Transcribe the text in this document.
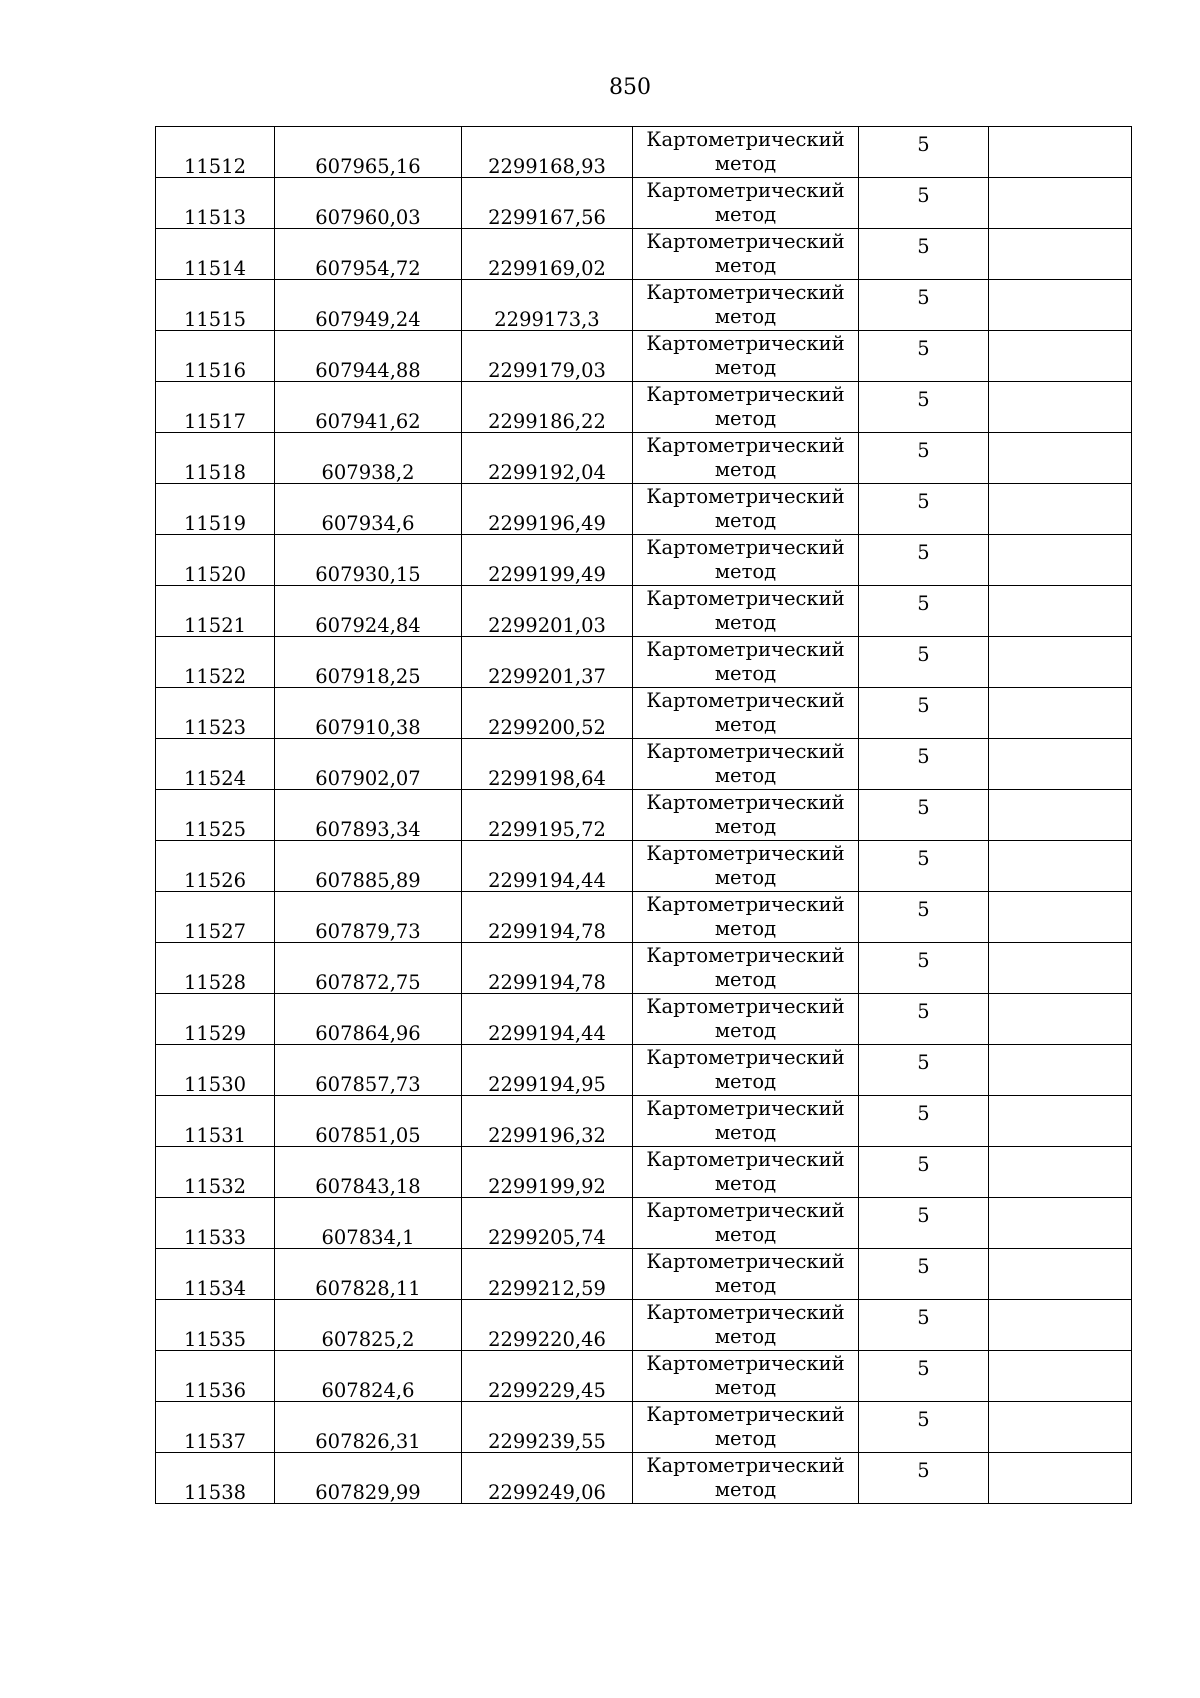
850
11512	607965,16	2299168,93	Картометрический
метод	5	

11513	607960,03	2299167,56	Картометрический
метод	5	

11514	607954,72	2299169,02	Картометрический
метод	5	

11515	607949,24	2299173,3	Картометрический
метод	5	

11516	607944,88	2299179,03	Картометрический
метод	5	

11517	607941,62	2299186,22	Картометрический
метод	5	

11518	607938,2	2299192,04	Картометрический
метод	5	

11519	607934,6	2299196,49	Картометрический
метод	5	

11520	607930,15	2299199,49	Картометрический
метод	5	

11521	607924,84	2299201,03	Картометрический
метод	5	

11522	607918,25	2299201,37	Картометрический
метод	5	

11523	607910,38	2299200,52	Картометрический
метод	5	

11524	607902,07	2299198,64	Картометрический
метод	5	

11525	607893,34	2299195,72	Картометрический
метод	5	

11526	607885,89	2299194,44	Картометрический
метод	5	

11527	607879,73	2299194,78	Картометрический
метод	5	

11528	607872,75	2299194,78	Картометрический
метод	5	

11529	607864,96	2299194,44	Картометрический
метод	5	

11530	607857,73	2299194,95	Картометрический
метод	5	

11531	607851,05	2299196,32	Картометрический
метод	5	

11532	607843,18	2299199,92	Картометрический
метод	5	

11533	607834,1	2299205,74	Картометрический
метод	5	

11534	607828,11	2299212,59	Картометрический
метод	5	

11535	607825,2	2299220,46	Картометрический
метод	5	

11536	607824,6	2299229,45	Картометрический
метод	5	

11537	607826,31	2299239,55	Картометрический
метод	5	

11538	607829,99	2299249,06	Картометрический
метод	5	
